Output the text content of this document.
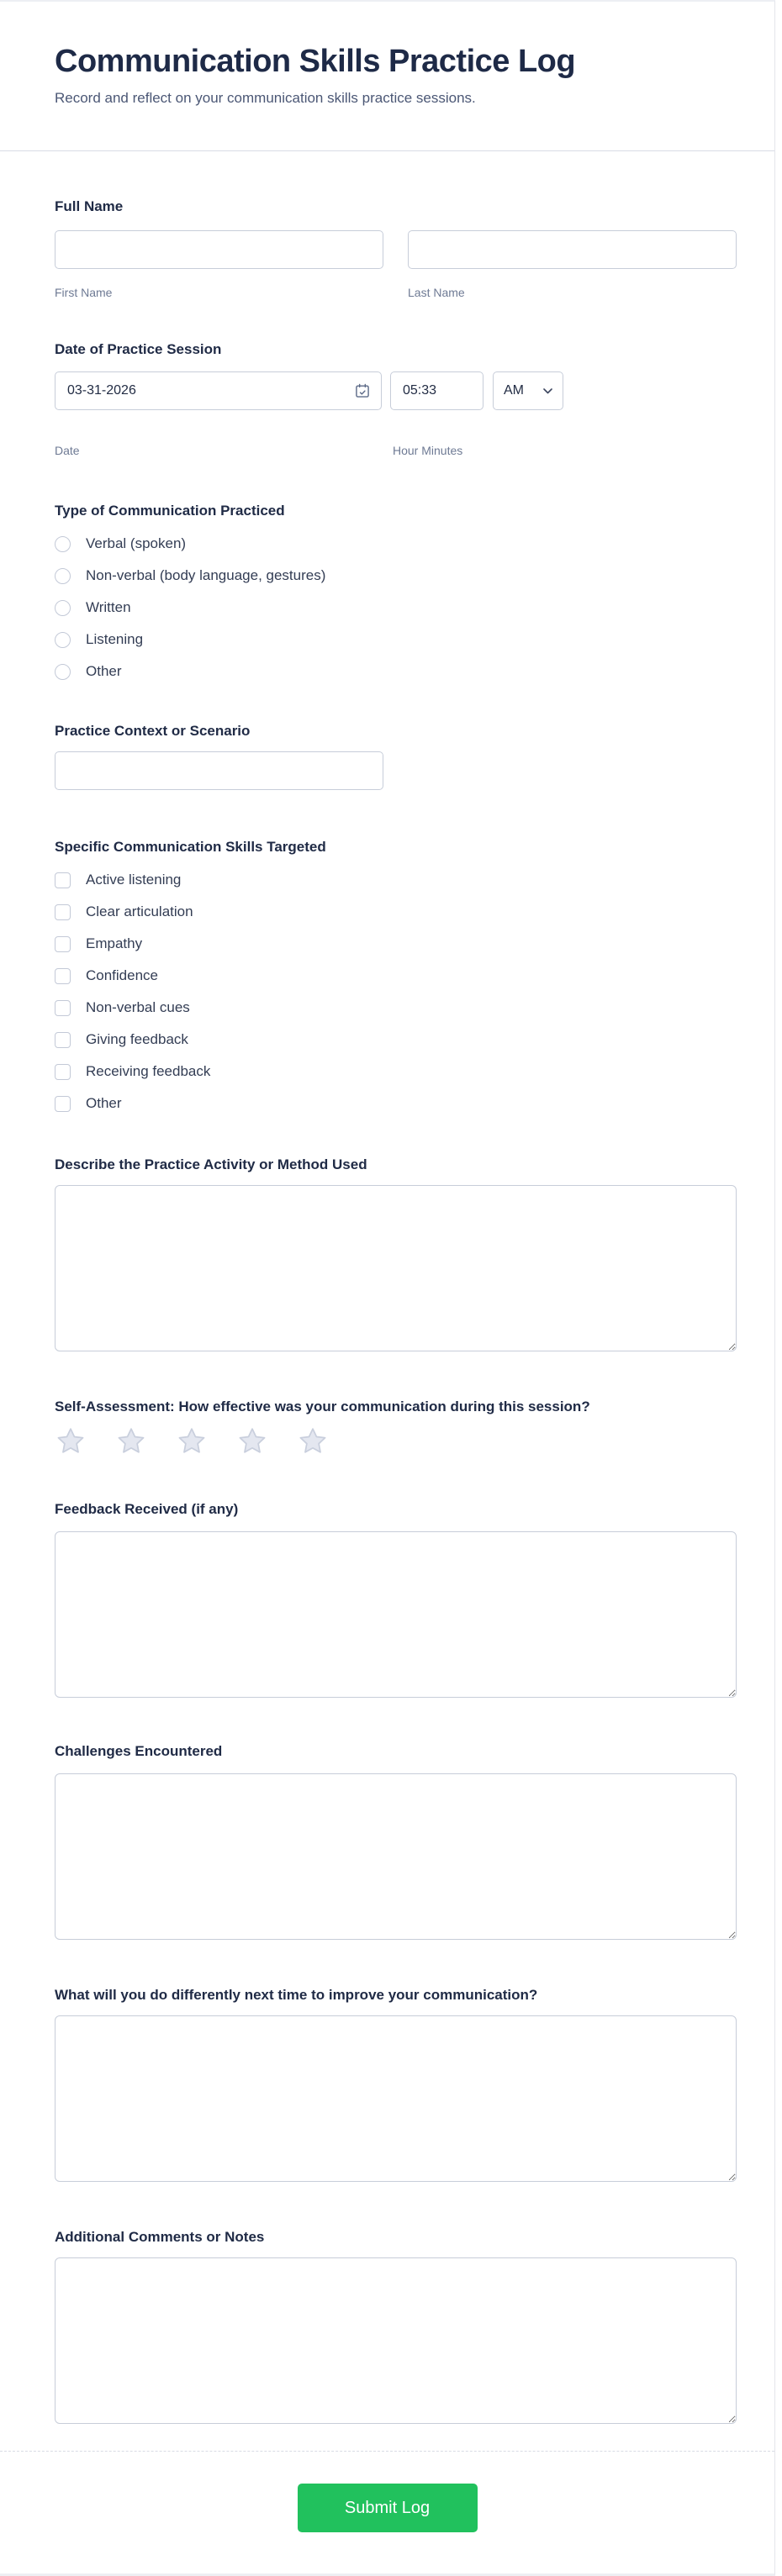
Communication Skills Practice Log

Record and reflect on your communication skills practice sessions.

Full Name
First Name	Last Name
Date of Practice Session
03-31-2026
05:33
AM
Date	Hour Minutes
Type of Communication Practiced
Verbal (spoken)
Non-verbal (body language, gestures)
Written
Listening
Other
Practice Context or Scenario
Specific Communication Skills Targeted
Active listening
Clear articulation
Empathy
Confidence
Non-verbal cues
Giving feedback
Receiving feedback
Other
Describe the Practice Activity or Method Used
Self-Assessment: How effective was your communication during this session?
Feedback Received (if any)
Challenges Encountered
What will you do differently next time to improve your communication?
Additional Comments or Notes
Submit Log
